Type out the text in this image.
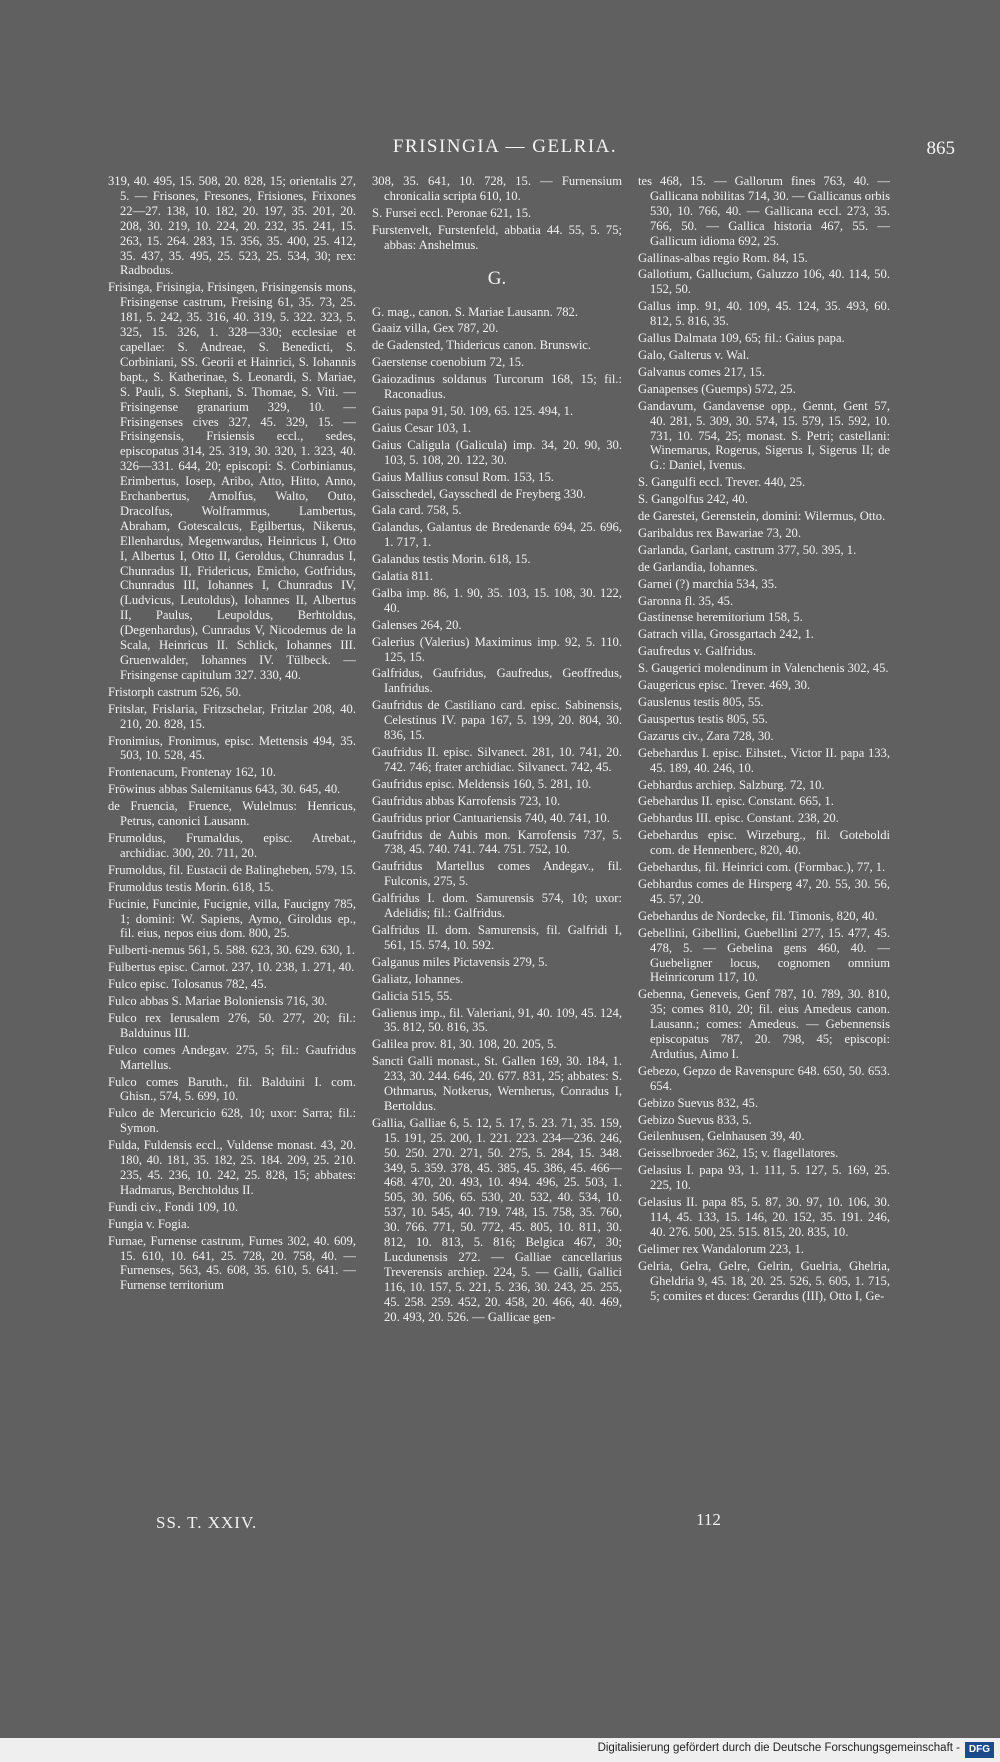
FRISINGIA — GELRIA.	865
319, 40. 495, 15. 508, 20. 828, 15; orientalis 27, 5. — Frisones, Fresones, Frisiones, Frixones 22—27. 138, 10. 182, 20. 197, 35. 201, 20. 208, 30. 219, 10. 224, 20. 232, 35. 241, 15. 263, 15. 264. 283, 15. 356, 35. 400, 25. 412, 35. 437, 35. 495, 25. 523, 25. 534, 30; rex: Radbodus.
Frisinga, Frisingia, Frisingen, Frisingensis mons, Frisingense castrum, Freising 61, 35. 73, 25. 181, 5. 242, 35. 316, 40. 319, 5. 322. 323, 5. 325, 15. 326, 1. 328—330; ecclesiae et capellae: S. Andreae, S. Benedicti, S. Corbiniani, SS. Georii et Hainrici, S. Iohannis bapt., S. Katherinae, S. Leonardi, S. Mariae, S. Pauli, S. Stephani, S. Thomae, S. Viti. — Frisingense granarium 329, 10. — Frisingenses cives 327, 45. 329, 15. — Frisingensis, Frisiensis eccl., sedes, episcopatus 314, 25. 319, 30. 320, 1. 323, 40. 326—331. 644, 20; episcopi: S. Corbinianus, Erimbertus, Iosep, Aribo, Atto, Hitto, Anno, Erchanbertus, Arnolfus, Walto, Outo, Dracolfus, Wolframmus, Lambertus, Abraham, Gotescalcus, Egilbertus, Nikerus, Ellenhardus, Megenwardus, Heinricus I, Otto I, Albertus I, Otto II, Geroldus, Chunradus I, Chunradus II, Fridericus, Emicho, Gotfridus, Chunradus III, Iohannes I, Chunradus IV, (Ludvicus, Leutoldus), Iohannes II, Albertus II, Paulus, Leupoldus, Berhtoldus, (Degenhardus), Cunradus V, Nicodemus de la Scala, Heinricus II. Schlick, Iohannes III. Gruenwalder, Iohannes IV. Tülbeck. — Frisingense capitulum 327. 330, 40.
Fristorph castrum 526, 50.
Fritslar, Frislaria, Fritzschelar, Fritzlar 208, 40. 210, 20. 828, 15.
Fronimius, Fronimus, episc. Mettensis 494, 35. 503, 10. 528, 45.
Frontenacum, Frontenay 162, 10.
Frōwinus abbas Salemitanus 643, 30. 645, 40.
de Fruencia, Fruence, Wulelmus: Henricus, Petrus, canonici Lausann.
Frumoldus, Frumaldus, episc. Atrebat., archidiac. 300, 20. 711, 20.
Frumoldus, fil. Eustacii de Balingheben, 579, 15.
Frumoldus testis Morin. 618, 15.
Fucinie, Funcinie, Fucignie, villa, Faucigny 785, 1; domini: W. Sapiens, Aymo, Giroldus ep., fil. eius, nepos eius dom. 800, 25.
Fulberti-nemus 561, 5. 588. 623, 30. 629. 630, 1.
Fulbertus episc. Carnot. 237, 10. 238, 1. 271, 40.
Fulco episc. Tolosanus 782, 45.
Fulco abbas S. Mariae Boloniensis 716, 30.
Fulco rex Ierusalem 276, 50. 277, 20; fil.: Balduinus III.
Fulco comes Andegav. 275, 5; fil.: Gaufridus Martellus.
Fulco comes Baruth., fil. Balduini I. com. Ghisn., 574, 5. 699, 10.
Fulco de Mercuricio 628, 10; uxor: Sarra; fil.: Symon.
Fulda, Fuldensis eccl., Vuldense monast. 43, 20. 180, 40. 181, 35. 182, 25. 184. 209, 25. 210. 235, 45. 236, 10. 242, 25. 828, 15; abbates: Hadmarus, Berchtoldus II.
Fundi civ., Fondi 109, 10.
Fungia v. Fogia.
Furnae, Furnense castrum, Furnes 302, 40. 609, 15. 610, 10. 641, 25. 728, 20. 758, 40. — Furnenses, 563, 45. 608, 35. 610, 5. 641. — Furnense territorium
308, 35. 641, 10. 728, 15. — Furnensium chronicalia scripta 610, 10.
S. Fursei eccl. Peronae 621, 15.
Furstenvelt, Furstenfeld, abbatia 44. 55, 5. 75; abbas: Anshelmus.
G.
G. mag., canon. S. Mariae Lausann. 782.
Gaaiz villa, Gex 787, 20.
de Gadensted, Thidericus canon. Brunswic.
Gaerstense coenobium 72, 15.
Gaiozadinus soldanus Turcorum 168, 15; fil.: Raconadius.
Gaius papa 91, 50. 109, 65. 125. 494, 1.
Gaius Cesar 103, 1.
Gaius Caligula (Galicula) imp. 34, 20. 90, 30. 103, 5. 108, 20. 122, 30.
Gaius Mallius consul Rom. 153, 15.
Gaisschedel, Gaysschedl de Freyberg 330.
Gala card. 758, 5.
Galandus, Galantus de Bredenarde 694, 25. 696, 1. 717, 1.
Galandus testis Morin. 618, 15.
Galatia 811.
Galba imp. 86, 1. 90, 35. 103, 15. 108, 30. 122, 40.
Galenses 264, 20.
Galerius (Valerius) Maximinus imp. 92, 5. 110. 125, 15.
Galfridus, Gaufridus, Gaufredus, Geoffredus, Ianfridus.
Gaufridus de Castiliano card. episc. Sabinensis, Celestinus IV. papa 167, 5. 199, 20. 804, 30. 836, 15.
Gaufridus II. episc. Silvanect. 281, 10. 741, 20. 742. 746; frater archidiac. Silvanect. 742, 45.
Gaufridus episc. Meldensis 160, 5. 281, 10.
Gaufridus abbas Karrofensis 723, 10.
Gaufridus prior Cantuariensis 740, 40. 741, 10.
Gaufridus de Aubis mon. Karrofensis 737, 5. 738, 45. 740. 741. 744. 751. 752, 10.
Gaufridus Martellus comes Andegav., fil. Fulconis, 275, 5.
Galfridus I. dom. Samurensis 574, 10; uxor: Adelidis; fil.: Galfridus.
Galfridus II. dom. Samurensis, fil. Galfridi I, 561, 15. 574, 10. 592.
Galganus miles Pictavensis 279, 5.
Galiatz, Iohannes.
Galicia 515, 55.
Galienus imp., fil. Valeriani, 91, 40. 109, 45. 124, 35. 812, 50. 816, 35.
Galilea prov. 81, 30. 108, 20. 205, 5.
Sancti Galli monast., St. Gallen 169, 30. 184, 1. 233, 30. 244. 646, 20. 677. 831, 25; abbates: S. Othmarus, Notkerus, Wernherus, Conradus I, Bertoldus.
Gallia, Galliae 6, 5. 12, 5. 17, 5. 23. 71, 35. 159, 15. 191, 25. 200, 1. 221. 223. 234—236. 246, 50. 250. 270. 271, 50. 275, 5. 284, 15. 348. 349, 5. 359. 378, 45. 385, 45. 386, 45. 466—468. 470, 20. 493, 10. 494. 496, 25. 503, 1. 505, 30. 506, 65. 530, 20. 532, 40. 534, 10. 537, 10. 545, 40. 719. 748, 15. 758, 35. 760, 30. 766. 771, 50. 772, 45. 805, 10. 811, 30. 812, 10. 813, 5. 816; Belgica 467, 30; Lucdunensis 272. — Galliae cancellarius Treverensis archiep. 224, 5. — Galli, Gallici 116, 10. 157, 5. 221, 5. 236, 30. 243, 25. 255, 45. 258. 259. 452, 20. 458, 20. 466, 40. 469, 20. 493, 20. 526. — Gallicae gen-
tes 468, 15. — Gallorum fines 763, 40. — Gallicana nobilitas 714, 30. — Gallicanus orbis 530, 10. 766, 40. — Gallicana eccl. 273, 35. 766, 50. — Gallica historia 467, 55. — Gallicum idioma 692, 25.
Gallinas-albas regio Rom. 84, 15.
Gallotium, Gallucium, Galuzzo 106, 40. 114, 50. 152, 50.
Gallus imp. 91, 40. 109, 45. 124, 35. 493, 60. 812, 5. 816, 35.
Gallus Dalmata 109, 65; fil.: Gaius papa.
Galo, Galterus v. Wal.
Galvanus comes 217, 15.
Ganapenses (Guemps) 572, 25.
Gandavum, Gandavense opp., Gennt, Gent 57, 40. 281, 5. 309, 30. 574, 15. 579, 15. 592, 10. 731, 10. 754, 25; monast. S. Petri; castellani: Winemarus, Rogerus, Sigerus I, Sigerus II; de G.: Daniel, Ivenus.
S. Gangulfi eccl. Trever. 440, 25.
S. Gangolfus 242, 40.
de Garestei, Gerenstein, domini: Wilermus, Otto.
Garibaldus rex Bawariae 73, 20.
Garlanda, Garlant, castrum 377, 50. 395, 1.
de Garlandia, Iohannes.
Garnei (?) marchia 534, 35.
Garonna fl. 35, 45.
Gastinense heremitorium 158, 5.
Gatrach villa, Grossgartach 242, 1.
Gaufredus v. Galfridus.
S. Gaugerici molendinum in Valenchenis 302, 45.
Gaugericus episc. Trever. 469, 30.
Gauslenus testis 805, 55.
Gauspertus testis 805, 55.
Gazarus civ., Zara 728, 30.
Gebehardus I. episc. Eihstet., Victor II. papa 133, 45. 189, 40. 246, 10.
Gebhardus archiep. Salzburg. 72, 10.
Gebehardus II. episc. Constant. 665, 1.
Gebhardus III. episc. Constant. 238, 20.
Gebehardus episc. Wirzeburg., fil. Goteboldi com. de Hennenberc, 820, 40.
Gebehardus, fil. Heinrici com. (Formbac.), 77, 1.
Gebhardus comes de Hirsperg 47, 20. 55, 30. 56, 45. 57, 20.
Gebehardus de Nordecke, fil. Timonis, 820, 40.
Gebellini, Gibellini, Guebellini 277, 15. 477, 45. 478, 5. — Gebelina gens 460, 40. — Guebeligner locus, cognomen omnium Heinricorum 117, 10.
Gebenna, Geneveis, Genf 787, 10. 789, 30. 810, 35; comes 810, 20; fil. eius Amedeus canon. Lausann.; comes: Amedeus. — Gebennensis episcopatus 787, 20. 798, 45; episcopi: Ardutius, Aimo I.
Gebezo, Gepzo de Ravenspurc 648. 650, 50. 653. 654.
Gebizo Suevus 832, 45.
Gebizo Suevus 833, 5.
Geilenhusen, Gelnhausen 39, 40.
Geisselbroeder 362, 15; v. flagellatores.
Gelasius I. papa 93, 1. 111, 5. 127, 5. 169, 25. 225, 10.
Gelasius II. papa 85, 5. 87, 30. 97, 10. 106, 30. 114, 45. 133, 15. 146, 20. 152, 35. 191. 246, 40. 276. 500, 25. 515. 815, 20. 835, 10.
Gelimer rex Wandalorum 223, 1.
Gelria, Gelra, Gelre, Gelrin, Guelria, Ghelria, Gheldria 9, 45. 18, 20. 25. 526, 5. 605, 1. 715, 5; comites et duces: Gerardus (III), Otto I, Ge-
SS. T. XXIV.	112
Digitalisierung gefördert durch die Deutsche Forschungsgemeinschaft - DFG
